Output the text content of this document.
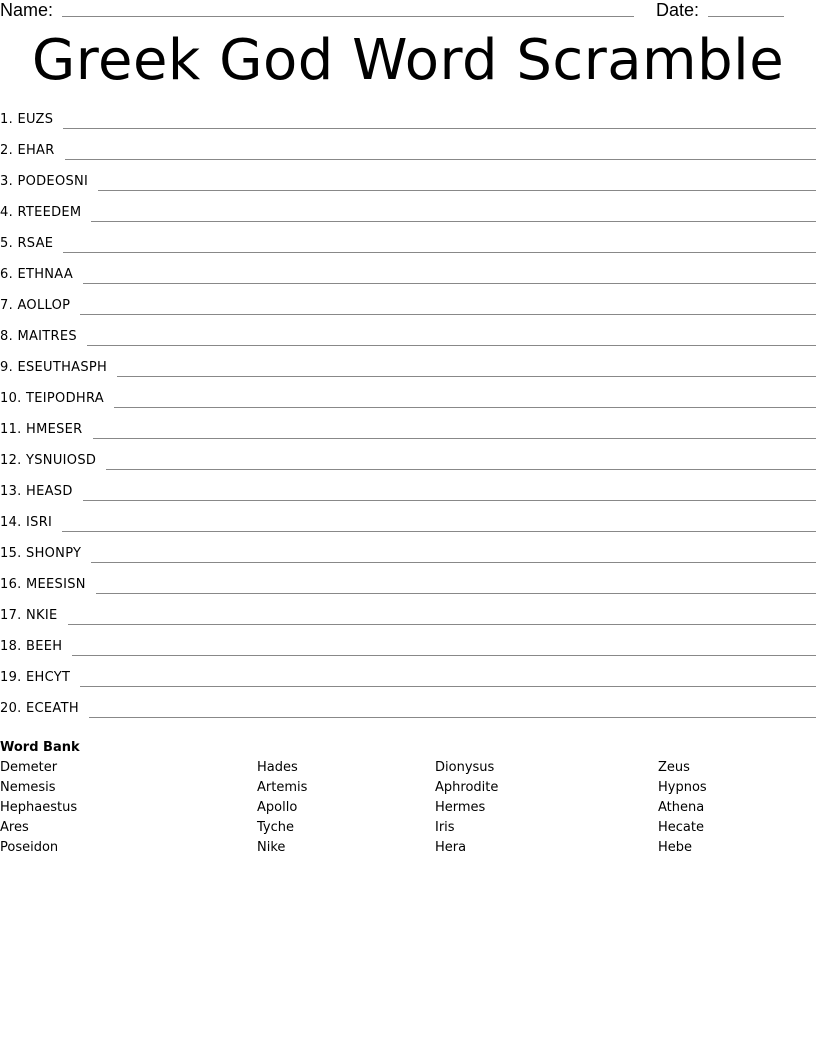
Name:	Date:
Greek God Word Scramble
1. EUZS
2. EHAR
3. PODEOSNI
4. RTEEDEM
5. RSAE
6. ETHNAA
7. AOLLOP
8. MAITRES
9. ESEUTHASPH
10. TEIPODHRA
11. HMESER
12. YSNUIOSD
13. HEASD
14. ISRI
15. SHONPY
16. MEESISN
17. NKIE
18. BEEH
19. EHCYT
20. ECEATH
Word Bank
Demeter
Nemesis
Hephaestus
Ares
Poseidon
Hades
Artemis
Apollo
Tyche
Nike
Dionysus
Aphrodite
Hermes
Iris
Hera
Zeus
Hypnos
Athena
Hecate
Hebe
